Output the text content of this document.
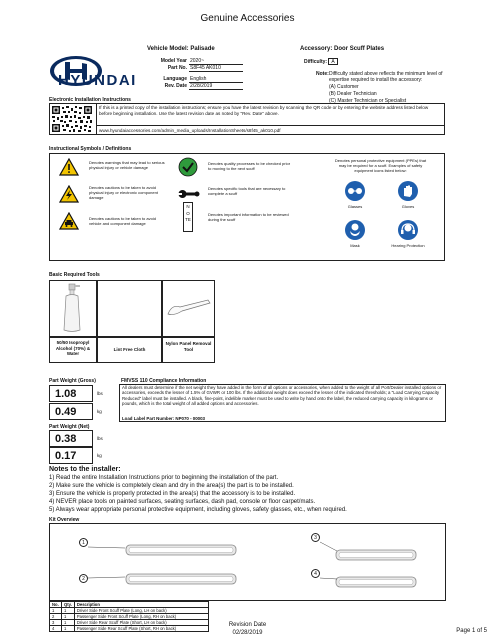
Genuine Accessories
HYUNDAI
Vehicle Model: Palisade
Model Year 2020~
Part No. S8F45 AK010
Language English
Rev. Date 2/28/2019
Accessory: Door Scuff Plates
Difficulty: A
Note: Difficulty stated above reflects the minimum level of expertise required to install the accessory:
(A) Customer
(B) Dealer Technician
(C) Master Technician or Specialist
Electronic Installation Instructions
If this is a printed copy of the installation instructions; ensure you have the latest revision by scanning the QR code or by entering the website address listed below before beginning installation. Use the latest revision date as noted by "Rev. Date" above.
www.hyundaiaccessories.com/admin_media_uploads/InstallationSheets/s8f45_ak010.pdf
Instructional Symbols / Definitions
Denotes warnings that may lead to serious physical injury or vehicle damage
Denotes cautions to be taken to avoid physical injury or electronic component damage
Denotes cautions to be taken to avoid vehicle and component damage
Denotes quality processes to be checked prior to moving to the next scuff
Denotes specific tools that are necessary to complete a scuff
NOTE
Denotes important information to be reviewed during the scuff
Denotes personal protective equipment (PPEs) that may be required for a scuff. Examples of safety equipment icons listed below:
Glasses	Gloves
Mask	Hearing Protection
Basic Required Tools
50/50 Isopropyl Alcohol (70%) & Water
Lint Free Cloth
Nylon Panel Removal Tool
Part Weight (Gross)
1.08	lbs
0.49	kg
Part Weight (Net)
0.38	lbs
0.17	kg
FMVSS 110 Compliance Information
All dealers must determine if the net weight they have added in the form of all options or accessories, when added to the weight of all Port/Dealer installed options or accessories, exceeds the lesser of 1.5% of GVWR or 100 lbs. If the additional weight does exceed the lesser of the indicated thresholds; a "Load Carrying Capacity Reduced" label must be installed. A black, fine-point, indelible marker must be used to write by hand onto the label, the reduced carrying capacity in kilograms or pounds, which is the total weight of all added options and accessories.
Load Label Part Number: NP070 - 00003
Notes to the installer:
1) Read the entire Installation Instructions prior to beginning the installation of the part.
2) Make sure the vehicle is completely clean and dry in the area(s) the part is to be installed.
3) Ensure the vehicle is properly protected in the area(s) that the accessory is to be installed.
4) NEVER place tools on painted surfaces, seating surfaces, dash pad, console or floor carpet/mats.
5) Always wear appropriate personal protective equipment, including gloves, safety glasses, etc., when required.
Kit Overview
1
2
3
4
No.	Qty.	Description
1	1	Driver Side Front Scuff Plate (Long, LH on back)
2	1	Passenger Side Front Scuff Plate (Long, RH on back)
3	1	Driver Side Rear Scuff Plate (Short, LH on back)
4	1	Passenger Side Rear Scuff Plate (Short, RH on back)
Revision Date
02/28/2019	Page 1 of 5
